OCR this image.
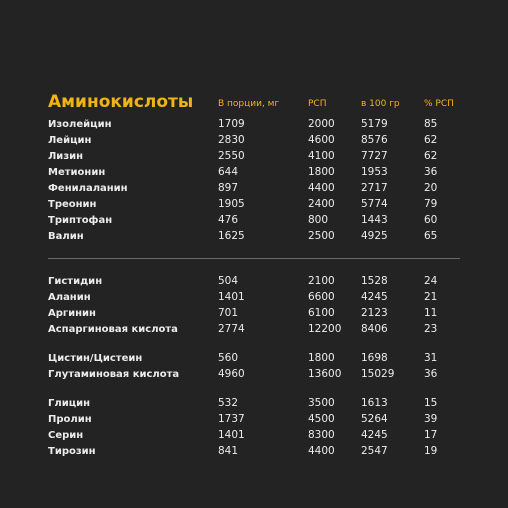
Аминокислоты	В порции, мг	РСП	в 100 гр	% РСП
Изолейцин	1709	2000	5179	85
Лейцин	2830	4600	8576	62
Лизин	2550	4100	7727	62
Метионин	644	1800	1953	36
Фенилаланин	897	4400	2717	20
Треонин	1905	2400	5774	79
Триптофан	476	800	1443	60
Валин	1625	2500	4925	65
Гистидин	504	2100	1528	24
Аланин	1401	6600	4245	21
Аргинин	701	6100	2123	11
Аспаргиновая кислота	2774	12200	8406	23
Цистин/Цистеин	560	1800	1698	31
Глутаминовая кислота	4960	13600	15029	36
Глицин	532	3500	1613	15
Пролин	1737	4500	5264	39
Серин	1401	8300	4245	17
Тирозин	841	4400	2547	19
